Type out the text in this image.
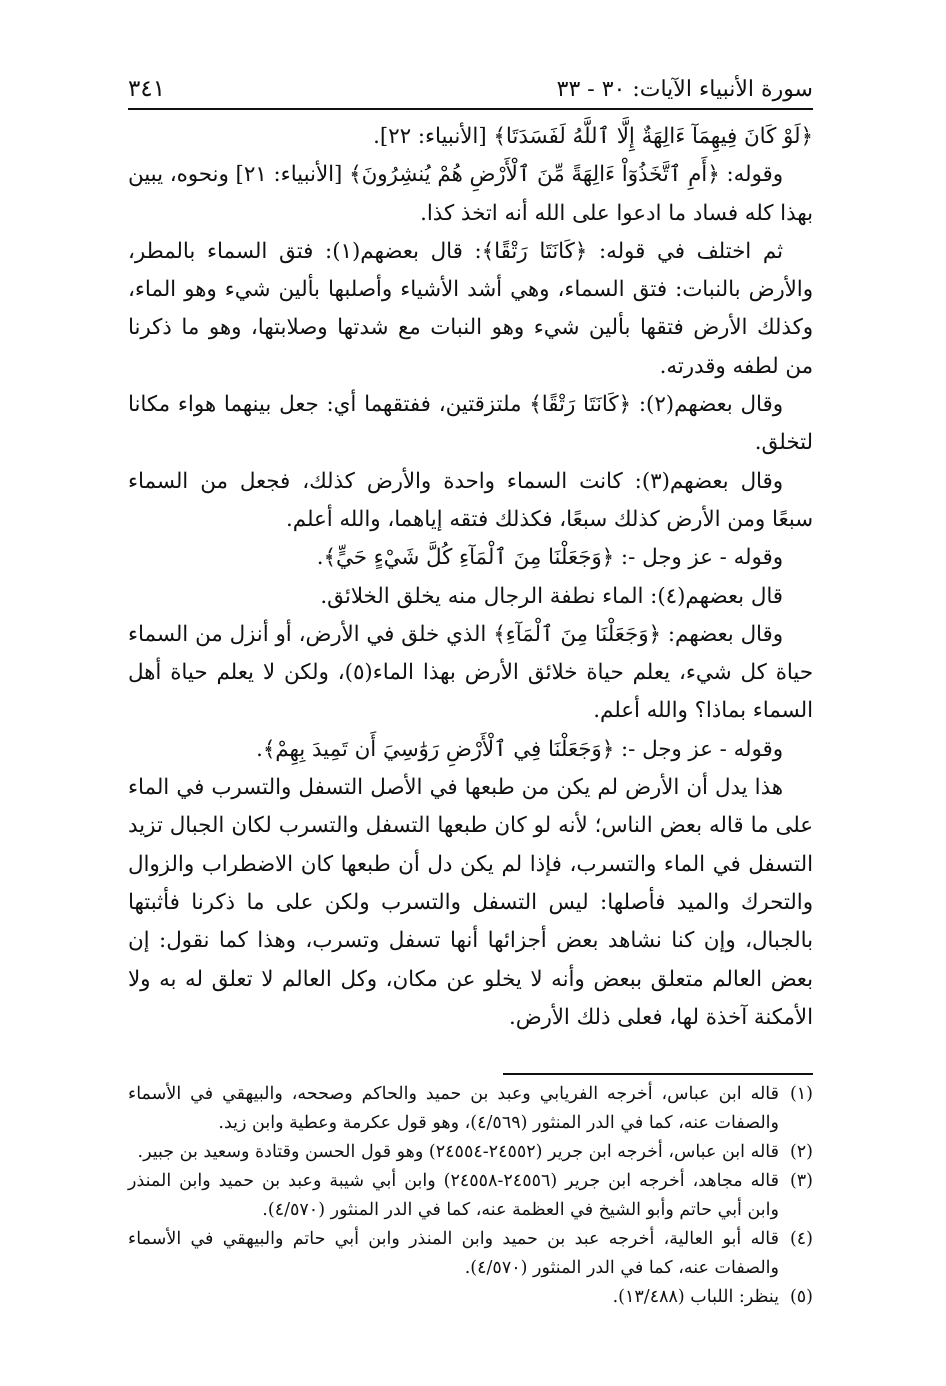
سورة الأنبياء الآيات: ٣٠ - ٣٣
٣٤١

﴿لَوْ كَانَ فِيهِمَآ ءَالِهَةٌ إِلَّا ٱللَّهُ لَفَسَدَتَا﴾ [الأنبياء: ٢٢].

وقوله: ﴿أَمِ ٱتَّخَذُوٓاْ ءَالِهَةً مِّنَ ٱلْأَرْضِ هُمْ يُنشِرُونَ﴾ [الأنبياء: ٢١] ونحوه، يبين بهذا كله فساد ما ادعوا على الله أنه اتخذ كذا.

ثم اختلف في قوله: ﴿كَانَتَا رَتْقًا﴾: قال بعضهم(١): فتق السماء بالمطر، والأرض بالنبات: فتق السماء، وهي أشد الأشياء وأصلبها بألين شيء وهو الماء، وكذلك الأرض فتقها بألين شيء وهو النبات مع شدتها وصلابتها، وهو ما ذكرنا من لطفه وقدرته.

وقال بعضهم(٢): ﴿كَانَتَا رَتْقًا﴾ ملتزقتين، ففتقهما أي: جعل بينهما هواء مكانا لتخلق.

وقال بعضهم(٣): كانت السماء واحدة والأرض كذلك، فجعل من السماء سبعًا ومن الأرض كذلك سبعًا، فكذلك فتقه إياهما، والله أعلم.

وقوله - عز وجل -: ﴿وَجَعَلْنَا مِنَ ٱلْمَآءِ كُلَّ شَيْءٍ حَيٍّ﴾.

قال بعضهم(٤): الماء نطفة الرجال منه يخلق الخلائق.

وقال بعضهم: ﴿وَجَعَلْنَا مِنَ ٱلْمَآءِ﴾ الذي خلق في الأرض، أو أنزل من السماء حياة كل شيء، يعلم حياة خلائق الأرض بهذا الماء(٥)، ولكن لا يعلم حياة أهل السماء بماذا؟ والله أعلم.

وقوله - عز وجل -: ﴿وَجَعَلْنَا فِي ٱلْأَرْضِ رَوَٰسِيَ أَن تَمِيدَ بِهِمْ﴾.

هذا يدل أن الأرض لم يكن من طبعها في الأصل التسفل والتسرب في الماء على ما قاله بعض الناس؛ لأنه لو كان طبعها التسفل والتسرب لكان الجبال تزيد التسفل في الماء والتسرب، فإذا لم يكن دل أن طبعها كان الاضطراب والزوال والتحرك والميد فأصلها: ليس التسفل والتسرب ولكن على ما ذكرنا فأثبتها بالجبال، وإن كنا نشاهد بعض أجزائها أنها تسفل وتسرب، وهذا كما نقول: إن بعض العالم متعلق ببعض وأنه لا يخلو عن مكان، وكل العالم لا تعلق له به ولا الأمكنة آخذة لها، فعلى ذلك الأرض.

(١)
قاله ابن عباس، أخرجه الفريابي وعبد بن حميد والحاكم وصححه، والبيهقي في الأسماء والصفات عنه، كما في الدر المنثور (٤/٥٦٩)، وهو قول عكرمة وعطية وابن زيد.
(٢)
قاله ابن عباس، أخرجه ابن جرير (٢٤٥٥٢-٢٤٥٥٤) وهو قول الحسن وقتادة وسعيد بن جبير.
(٣)
قاله مجاهد، أخرجه ابن جرير (٢٤٥٥٦-٢٤٥٥٨) وابن أبي شيبة وعبد بن حميد وابن المنذر وابن أبي حاتم وأبو الشيخ في العظمة عنه، كما في الدر المنثور (٤/٥٧٠).
(٤)
قاله أبو العالية، أخرجه عبد بن حميد وابن المنذر وابن أبي حاتم والبيهقي في الأسماء والصفات عنه، كما في الدر المنثور (٤/٥٧٠).
(٥)
ينظر: اللباب (١٣/٤٨٨).
